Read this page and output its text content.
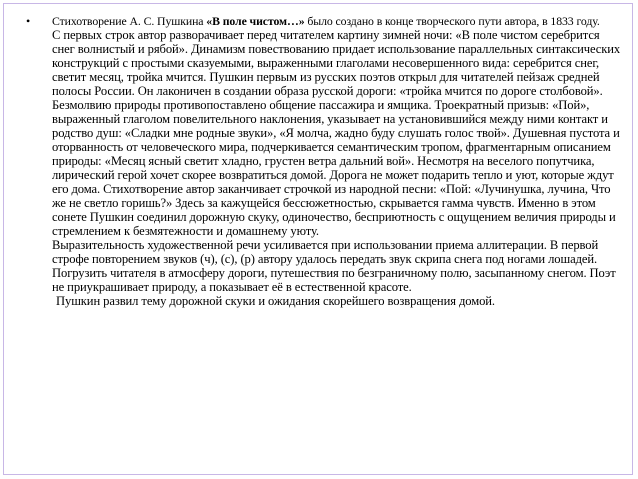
•	Стихотворение А. С. Пушкина «В поле чистом…» было создано в конце творческого пути автора, в 1833 году.
С первых строк автор разворачивает перед читателем картину зимней ночи: «В поле чистом серебрится снег волнистый и рябой». Динамизм повествованию придает использование параллельных синтаксических конструкций с простыми сказуемыми, выраженными глаголами несовершенного вида: серебрится снег, светит месяц, тройка мчится. Пушкин первым из русских поэтов открыл для читателей пейзаж средней полосы России. Он лаконичен в создании образа русской дороги: «тройка мчится по дороге столбовой». Безмолвию природы противопоставлено общение пассажира и ямщика. Троекратный призыв: «Пой», выраженный глаголом повелительного наклонения, указывает на установившийся между ними контакт и родство душ: «Сладки мне родные звуки», «Я молча, жадно буду слушать голос твой». Душевная пустота и оторванность от человеческого мира, подчеркивается семантическим тропом, фрагментарным описанием природы: «Месяц ясный светит хладно, грустен ветра дальний вой». Несмотря на веселого попутчика, лирический герой хочет скорее возвратиться домой. Дорога не может подарить тепло и уют, которые ждут его дома. Стихотворение автор заканчивает строчкой из народной песни: «Пой: «Лучинушка, лучина, Что же не светло горишь?» Здесь за кажущейся бессюжетностью, скрывается гамма чувств. Именно в этом сонете Пушкин соединил дорожную скуку, одиночество, бесприютность с ощущением величия природы и стремлением к безмятежности и домашнему уюту.
Выразительность художественной речи усиливается при использовании приема аллитерации. В первой строфе повторением звуков (ч), (с), (р) автору удалось передать звук скрипа снега под ногами лошадей. Погрузить читателя в атмосферу дороги, путешествия по безграничному полю, засыпанному снегом. Поэт не приукрашивает природу, а показывает её в естественной красоте.
Пушкин развил тему дорожной скуки и ожидания скорейшего возвращения домой.
